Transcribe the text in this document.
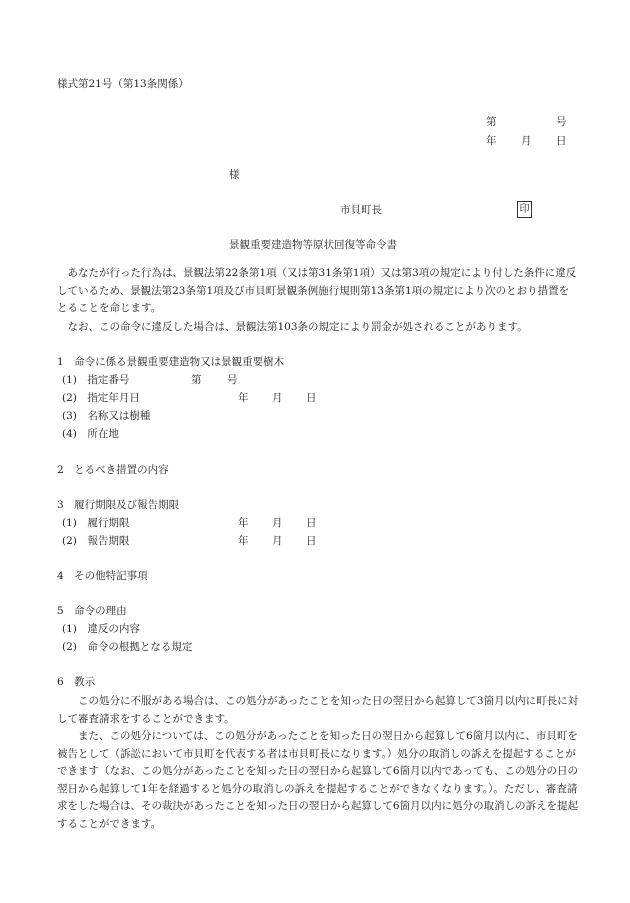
様式第21号（第13条関係）
第	号
年 月 日
様
市貝町長	印
景観重要建造物等原状回復等命令書
　あなたが行った行為は、景観法第22条第1項（又は第31条第1項）又は第3項の規定により付した条件に違反しているため、景観法第23条第1項及び市貝町景観条例施行規則第13条第1項の規定により次のとおり措置をとることを命じます。
　なお、この命令に違反した場合は、景観法第103条の規定により罰金が処されることがあります。
1　命令に係る景観重要建造物又は景観重要樹木
(1)　指定番号	第 号
(2)　指定年月日	年 月 日
(3)　名称又は樹種
(4)　所在地
2　とるべき措置の内容
3　履行期限及び報告期限
(1)　履行期限	年 月 日
(2)　報告期限	年 月 日
4　その他特記事項
5　命令の理由
(1)　違反の内容
(2)　命令の根拠となる規定
6　教示
　　この処分に不服がある場合は、この処分があったことを知った日の翌日から起算して3箇月以内に町長に対して審査請求をすることができます。
　　また、この処分については、この処分があったことを知った日の翌日から起算して6箇月以内に、市貝町を被告として（訴訟において市貝町を代表する者は市貝町長になります。）処分の取消しの訴えを提起することができます（なお、この処分があったことを知った日の翌日から起算して6箇月以内であっても、この処分の日の翌日から起算して1年を経過すると処分の取消しの訴えを提起することができなくなります。）。ただし、審査請求をした場合は、その裁決があったことを知った日の翌日から起算して6箇月以内に処分の取消しの訴えを提起することができます。
